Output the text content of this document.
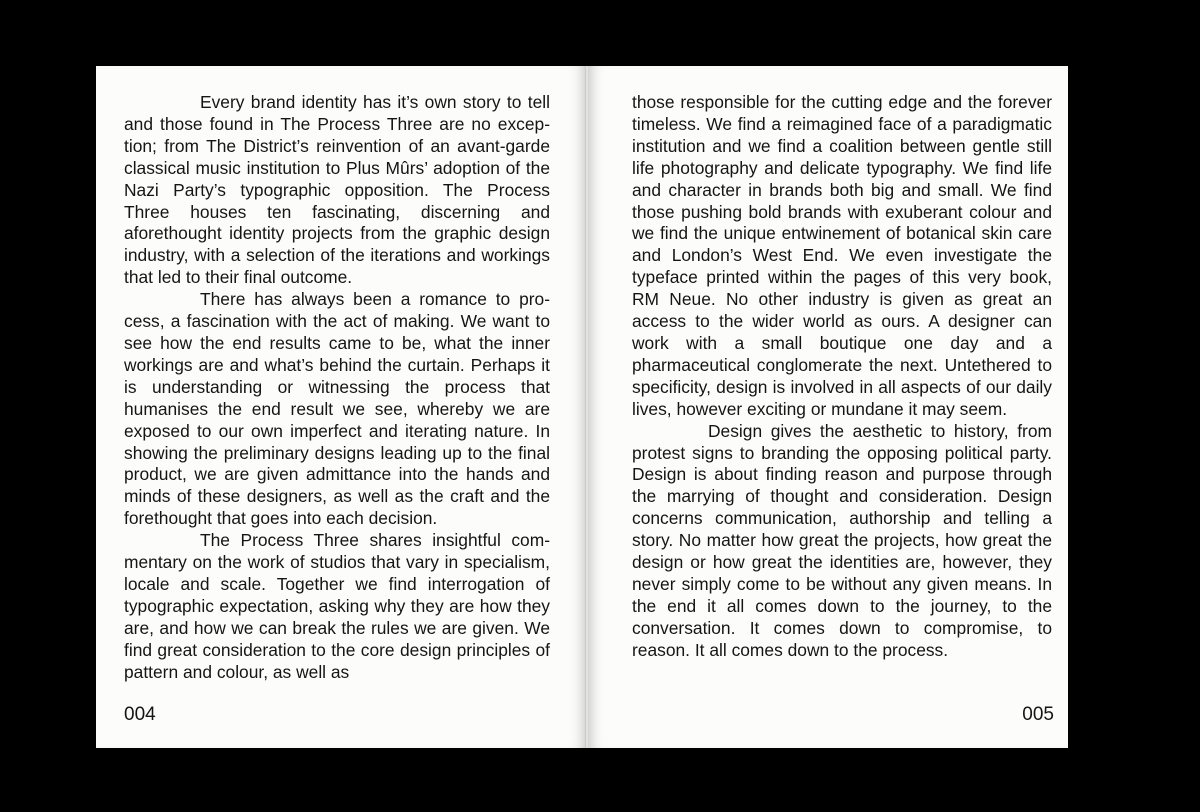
Every brand identity has it’s own story to tell and those found in The Process Three are no exception; from The District’s reinvention of an avant-garde classical music institution to Plus Mûrs’ adoption of the Nazi Party’s typographic opposition. The Process Three houses ten fascinating, discerning and aforethought identity projects from the graphic design industry, with a selection of the iterations and workings that led to their final outcome.

There has always been a romance to process, a fascination with the act of making. We want to see how the end results came to be, what the inner workings are and what’s behind the curtain. Perhaps it is understanding or witnessing the process that humanises the end result we see, whereby we are exposed to our own imperfect and iterating nature. In showing the preliminary designs leading up to the final product, we are given admittance into the hands and minds of these designers, as well as the craft and the forethought that goes into each decision.

The Process Three shares insightful commentary on the work of studios that vary in specialism, locale and scale. Together we find interrogation of typographic expectation, asking why they are how they are, and how we can break the rules we are given. We find great consideration to the core design principles of pattern and colour, as well as

004

those responsible for the cutting edge and the forever timeless. We find a reimagined face of a paradigmatic institution and we find a coalition between gentle still life photography and delicate typography. We find life and character in brands both big and small. We find those pushing bold brands with exuberant colour and we find the unique entwinement of botanical skin care and London’s West End. We even investigate the typeface printed within the pages of this very book, RM Neue. No other industry is given as great an access to the wider world as ours. A designer can work with a small boutique one day and a pharmaceutical conglomerate the next. Untethered to specificity, design is involved in all aspects of our daily lives, however exciting or mundane it may seem.

Design gives the aesthetic to history, from protest signs to branding the opposing political party. Design is about finding reason and purpose through the marrying of thought and consideration. Design concerns communication, authorship and telling a story. No matter how great the projects, how great the design or how great the identities are, however, they never simply come to be without any given means. In the end it all comes down to the journey, to the conversation. It comes down to compromise, to reason. It all comes down to the process.

005
